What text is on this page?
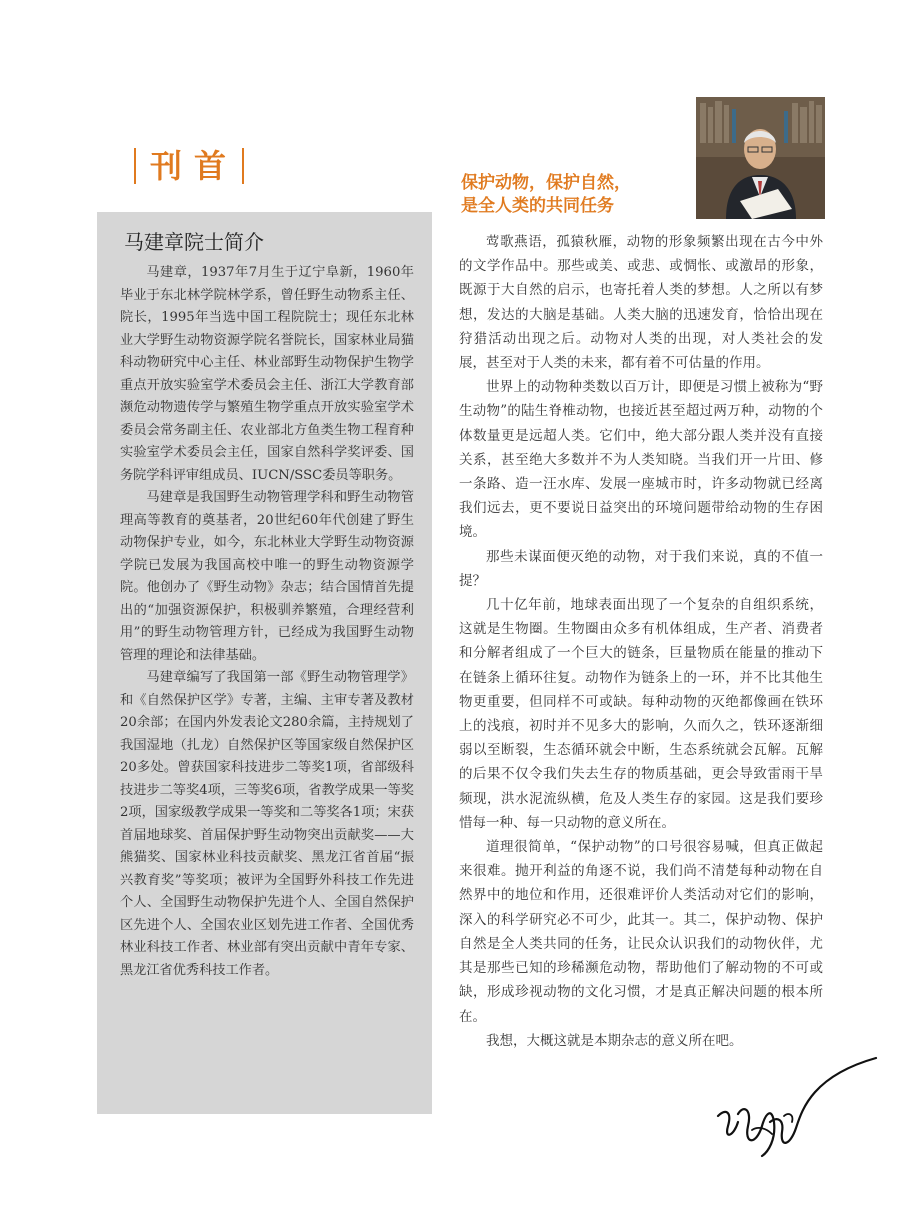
刊首
马建章院士简介

马建章，1937年7月生于辽宁阜新，1960年毕业于东北林学院林学系，曾任野生动物系主任、院长，1995年当选中国工程院院士；现任东北林业大学野生动物资源学院名誉院长，国家林业局猫科动物研究中心主任、林业部野生动物保护生物学重点开放实验室学术委员会主任、浙江大学教育部濒危动物遗传学与繁殖生物学重点开放实验室学术委员会常务副主任、农业部北方鱼类生物工程育种实验室学术委员会主任，国家自然科学奖评委、国务院学科评审组成员、IUCN/SSC委员等职务。

马建章是我国野生动物管理学科和野生动物管理高等教育的奠基者，20世纪60年代创建了野生动物保护专业，如今，东北林业大学野生动物资源学院已发展为我国高校中唯一的野生动物资源学院。他创办了《野生动物》杂志；结合国情首先提出的“加强资源保护，积极驯养繁殖，合理经营利用”的野生动物管理方针，已经成为我国野生动物管理的理论和法律基础。

马建章编写了我国第一部《野生动物管理学》和《自然保护区学》专著，主编、主审专著及教材20余部；在国内外发表论文280余篇，主持规划了我国湿地（扎龙）自然保护区等国家级自然保护区20多处。曾获国家科技进步二等奖1项，省部级科技进步二等奖4项，三等奖6项，省教学成果一等奖2项，国家级教学成果一等奖和二等奖各1项；宋获首届地球奖、首届保护野生动物突出贡献奖——大熊猫奖、国家林业科技贡献奖、黑龙江省首届“振兴教育奖”等奖项；被评为全国野外科技工作先进个人、全国野生动物保护先进个人、全国自然保护区先进个人、全国农业区划先进工作者、全国优秀林业科技工作者、林业部有突出贡献中青年专家、黑龙江省优秀科技工作者。

保护动物，保护自然，
是全人类的共同任务

莺歌燕语，孤猿秋雁，动物的形象频繁出现在古今中外的文学作品中。那些或美、或悲、或惆怅、或激昂的形象，既源于大自然的启示，也寄托着人类的梦想。人之所以有梦想，发达的大脑是基础。人类大脑的迅速发育，恰恰出现在狩猎活动出现之后。动物对人类的出现，对人类社会的发展，甚至对于人类的未来，都有着不可估量的作用。

世界上的动物种类数以百万计，即便是习惯上被称为“野生动物”的陆生脊椎动物，也接近甚至超过两万种，动物的个体数量更是远超人类。它们中，绝大部分跟人类并没有直接关系，甚至绝大多数并不为人类知晓。当我们开一片田、修一条路、造一汪水库、发展一座城市时，许多动物就已经离我们远去，更不要说日益突出的环境问题带给动物的生存困境。

那些未谋面便灭绝的动物，对于我们来说，真的不值一提？

几十亿年前，地球表面出现了一个复杂的自组织系统，这就是生物圈。生物圈由众多有机体组成，生产者、消费者和分解者组成了一个巨大的链条，巨量物质在能量的推动下在链条上循环往复。动物作为链条上的一环，并不比其他生物更重要，但同样不可或缺。每种动物的灭绝都像画在铁环上的浅痕，初时并不见多大的影响，久而久之，铁环逐渐细弱以至断裂，生态循环就会中断，生态系统就会瓦解。瓦解的后果不仅令我们失去生存的物质基础，更会导致雷雨干旱频现，洪水泥流纵横，危及人类生存的家园。这是我们要珍惜每一种、每一只动物的意义所在。

道理很简单，“保护动物”的口号很容易喊，但真正做起来很难。抛开利益的角逐不说，我们尚不清楚每种动物在自然界中的地位和作用，还很难评价人类活动对它们的影响，深入的科学研究必不可少，此其一。其二，保护动物、保护自然是全人类共同的任务，让民众认识我们的动物伙伴，尤其是那些已知的珍稀濒危动物，帮助他们了解动物的不可或缺，形成珍视动物的文化习惯，才是真正解决问题的根本所在。

我想，大概这就是本期杂志的意义所在吧。
